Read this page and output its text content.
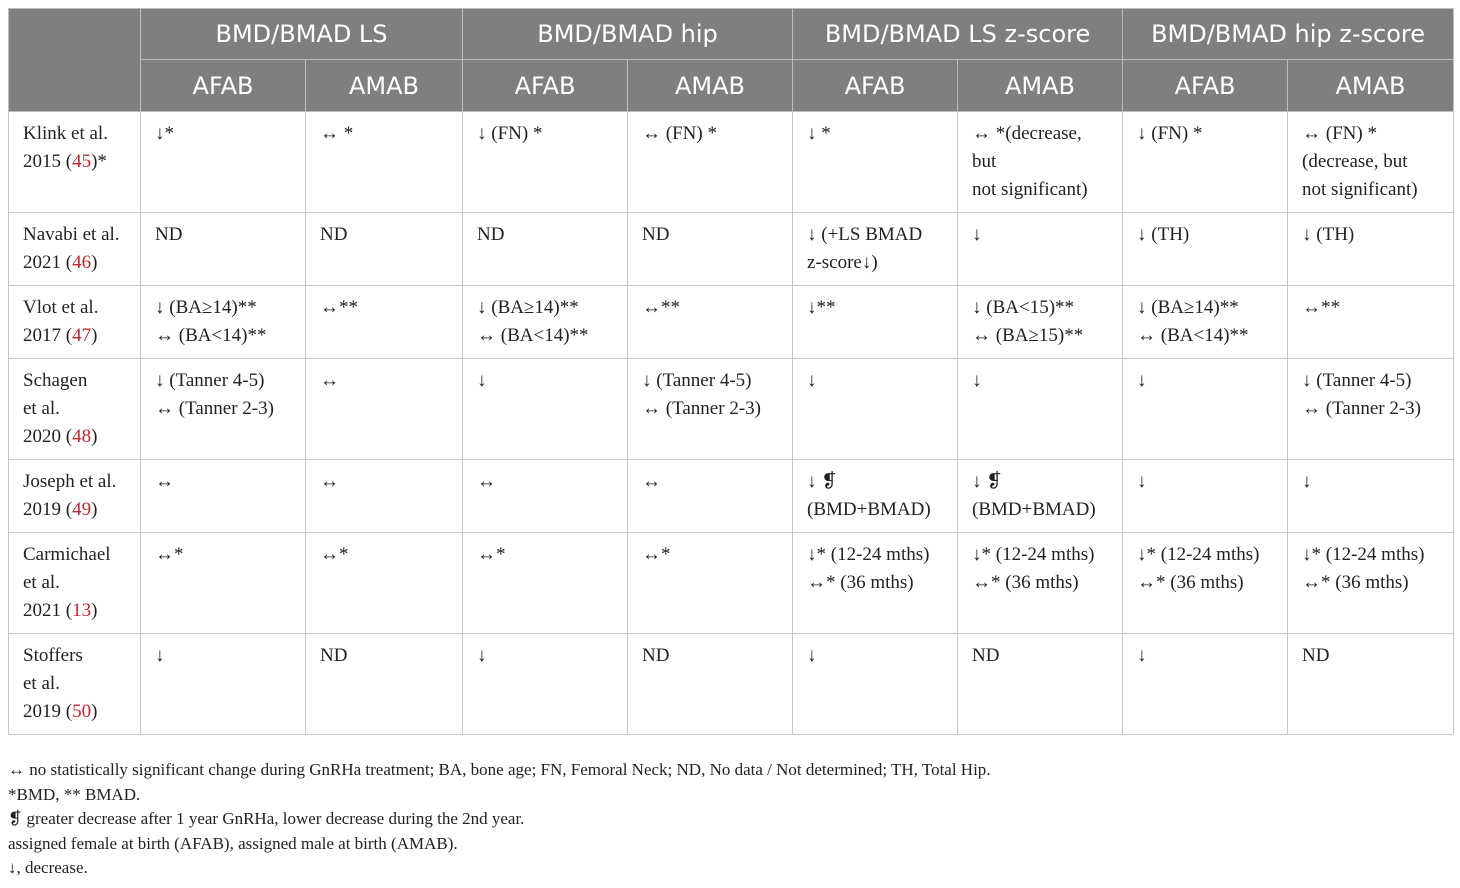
	BMD/BMAD LS		BMD/BMAD hip		BMD/BMAD LS z-score		BMD/BMAD hip z-score	
	AFAB	AMAB	AFAB	AMAB	AFAB	AMAB	AFAB	AMAB

Klink et al.
2015 (45)*	↓*	↔ *	↓ (FN) *	↔ (FN) *	↓ *	↔ *(decrease,
but
not significant)	↓ (FN) *	↔ (FN) *
(decrease, but
not significant)

Navabi et al.
2021 (46)	ND	ND	ND	ND	↓ (+LS BMAD
z-score↓)	↓	↓ (TH)	↓ (TH)

Vlot et al.
2017 (47)	↓ (BA≥14)**
↔ (BA<14)**	↔**	↓ (BA≥14)**
↔ (BA<14)**	↔**	↓**	↓ (BA<15)**
↔ (BA≥15)**	↓ (BA≥14)**
↔ (BA<14)**	↔**

Schagen
et al.
2020 (48)	↓ (Tanner 4-5)
↔ (Tanner 2-3)	↔	↓	↓ (Tanner 4-5)
↔ (Tanner 2-3)	↓	↓	↓	↓ (Tanner 4-5)
↔ (Tanner 2-3)

Joseph et al.
2019 (49)	↔	↔	↔	↔	↓ ❡
(BMD+BMAD)	↓ ❡
(BMD+BMAD)	↓	↓

Carmichael
et al.
2021 (13)	↔*	↔*	↔*	↔*	↓* (12-24 mths)
↔* (36 mths)	↓* (12-24 mths)
↔* (36 mths)	↓* (12-24 mths)
↔* (36 mths)	↓* (12-24 mths)
↔* (36 mths)

Stoffers
et al.
2019 (50)	↓	ND	↓	ND	↓	ND	↓	ND
↔ no statistically significant change during GnRHa treatment; BA, bone age; FN, Femoral Neck; ND, No data / Not determined; TH, Total Hip.
*BMD, ** BMAD.
❡ greater decrease after 1 year GnRHa, lower decrease during the 2nd year.
assigned female at birth (AFAB), assigned male at birth (AMAB).
↓, decrease.
